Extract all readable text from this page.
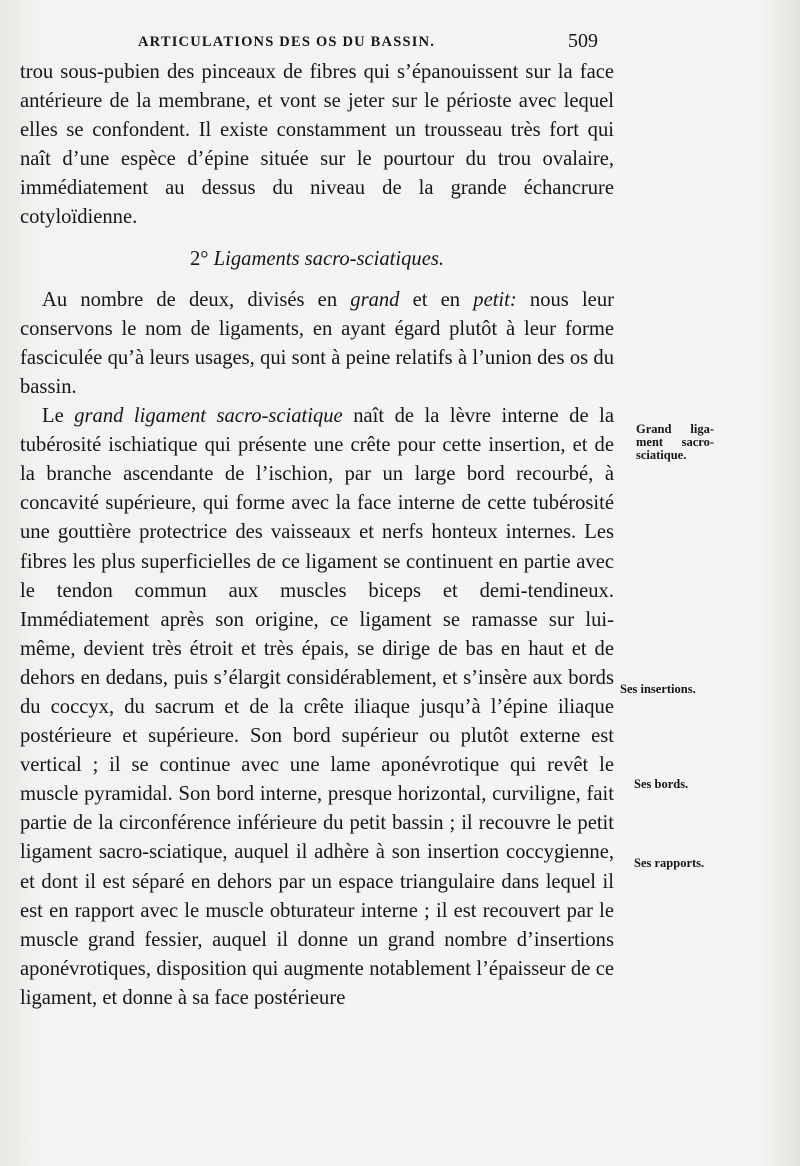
ARTICULATIONS DES OS DU BASSIN.	509

trou sous-pubien des pinceaux de fibres qui s’épanouissent sur la face antérieure de la membrane, et vont se jeter sur le périoste avec lequel elles se confondent. Il existe constamment un trousseau très fort qui naît d’une espèce d’épine située sur le pourtour du trou ovalaire, immédiatement au dessus du niveau de la grande échancrure cotyloïdienne.

2° Ligaments sacro-sciatiques.

Au nombre de deux, divisés en grand et en petit: nous leur conservons le nom de ligaments, en ayant égard plutôt à leur forme fasciculée qu’à leurs usages, qui sont à peine relatifs à l’union des os du bassin.

Le grand ligament sacro-sciatique naît de la lèvre interne de la tubérosité ischiatique qui présente une crête pour cette insertion, et de la branche ascendante de l’ischion, par un large bord recourbé, à concavité supérieure, qui forme avec la face interne de cette tubérosité une gouttière protectrice des vaisseaux et nerfs honteux internes. Les fibres les plus superficielles de ce ligament se continuent en partie avec le tendon commun aux muscles biceps et demi-tendineux. Immédiatement après son origine, ce ligament se ramasse sur lui-même, devient très étroit et très épais, se dirige de bas en haut et de dehors en dedans, puis s’élargit considérablement, et s’insère aux bords du coccyx, du sacrum et de la crête iliaque jusqu’à l’épine iliaque postérieure et supérieure. Son bord supérieur ou plutôt externe est vertical ; il se continue avec une lame aponévrotique qui revêt le muscle pyramidal. Son bord interne, presque horizontal, curviligne, fait partie de la circonférence inférieure du petit bassin ; il recouvre le petit ligament sacro-sciatique, auquel il adhère à son insertion coccygienne, et dont il est séparé en dehors par un espace triangulaire dans lequel il est en rapport avec le muscle obturateur interne ; il est recouvert par le muscle grand fessier, auquel il donne un grand nombre d’insertions aponévrotiques, disposition qui augmente notablement l’épaisseur de ce ligament, et donne à sa face postérieure

Grand liga-
ment sacro-
sciatique.
Ses insertions.
Ses bords.
Ses rapports.
